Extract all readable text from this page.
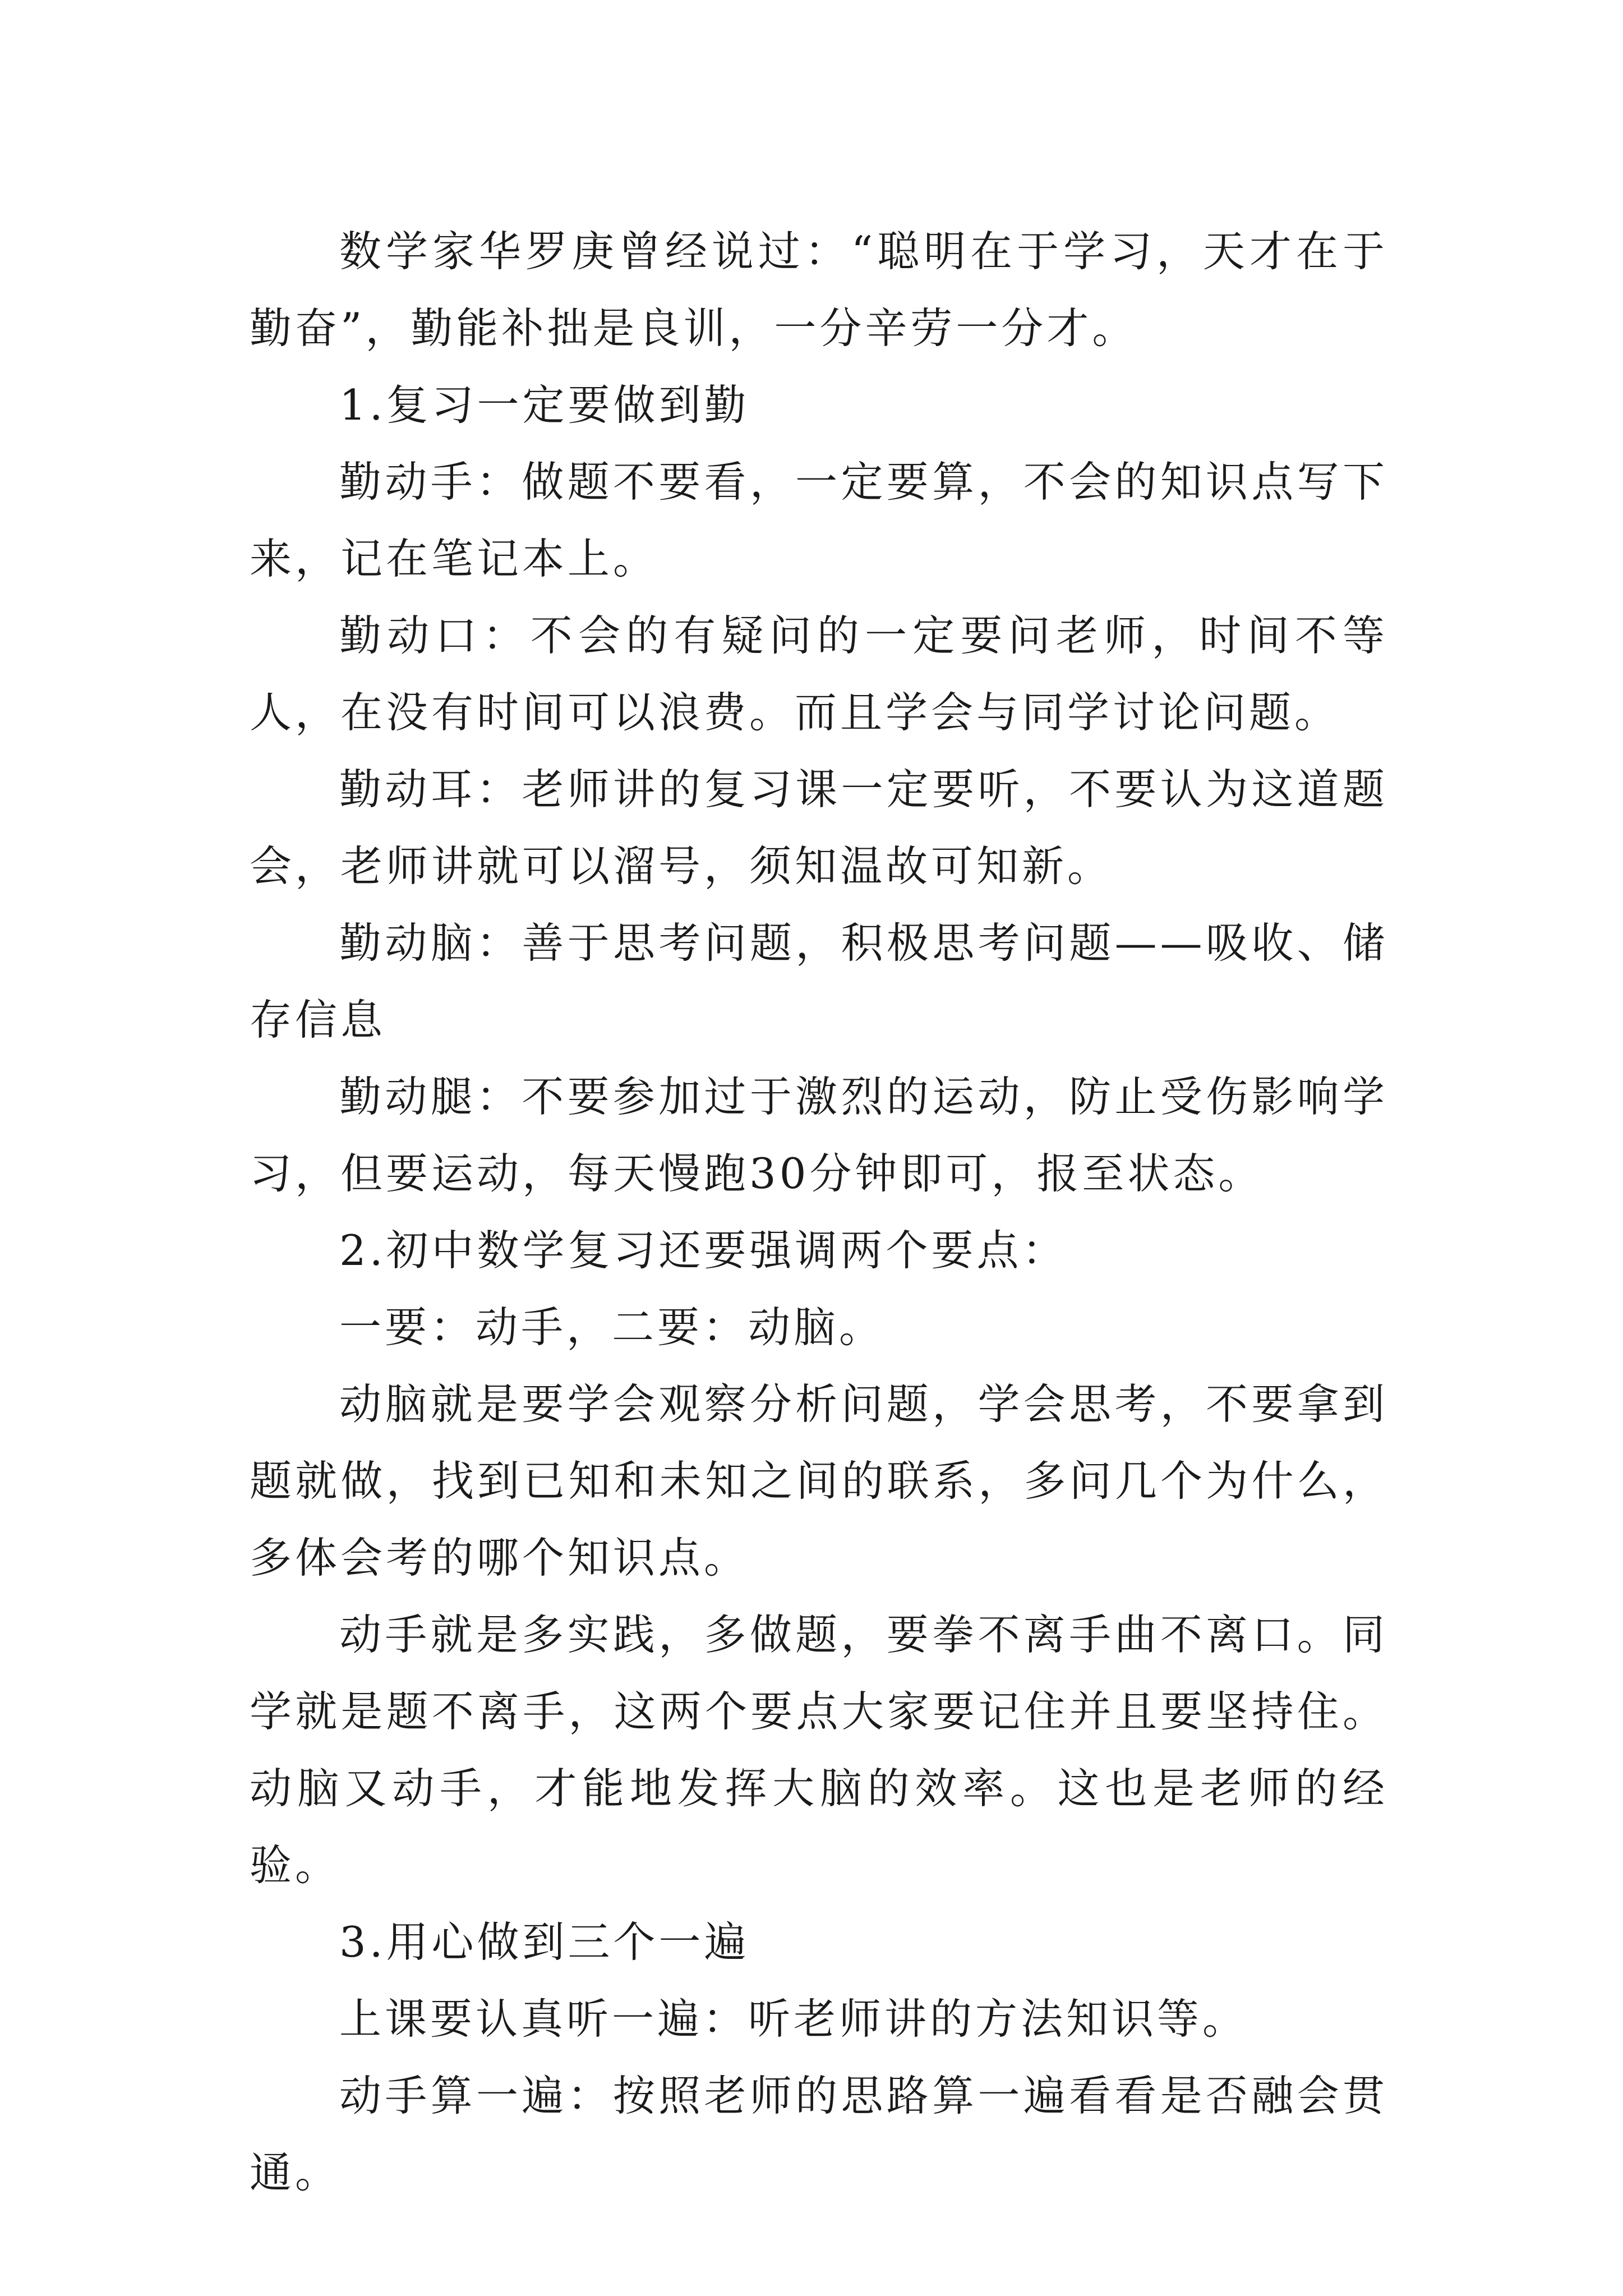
数学家华罗庚曾经说过：“聪明在于学习，天才在于勤奋”，勤能补拙是良训，一分辛劳一分才。

1.复习一定要做到勤

勤动手：做题不要看，一定要算，不会的知识点写下来，记在笔记本上。

勤动口：不会的有疑问的一定要问老师，时间不等人，在没有时间可以浪费。而且学会与同学讨论问题。

勤动耳：老师讲的复习课一定要听，不要认为这道题会，老师讲就可以溜号，须知温故可知新。

勤动脑：善于思考问题，积极思考问题——吸收、储存信息

勤动腿：不要参加过于激烈的运动，防止受伤影响学习，但要运动，每天慢跑30分钟即可，报至状态。

2.初中数学复习还要强调两个要点：

一要：动手，二要：动脑。

动脑就是要学会观察分析问题，学会思考，不要拿到题就做，找到已知和未知之间的联系，多问几个为什么，多体会考的哪个知识点。

动手就是多实践，多做题，要拳不离手曲不离口。同学就是题不离手，这两个要点大家要记住并且要坚持住。动脑又动手，才能地发挥大脑的效率。这也是老师的经验。

3.用心做到三个一遍

上课要认真听一遍：听老师讲的方法知识等。

动手算一遍：按照老师的思路算一遍看看是否融会贯通。
